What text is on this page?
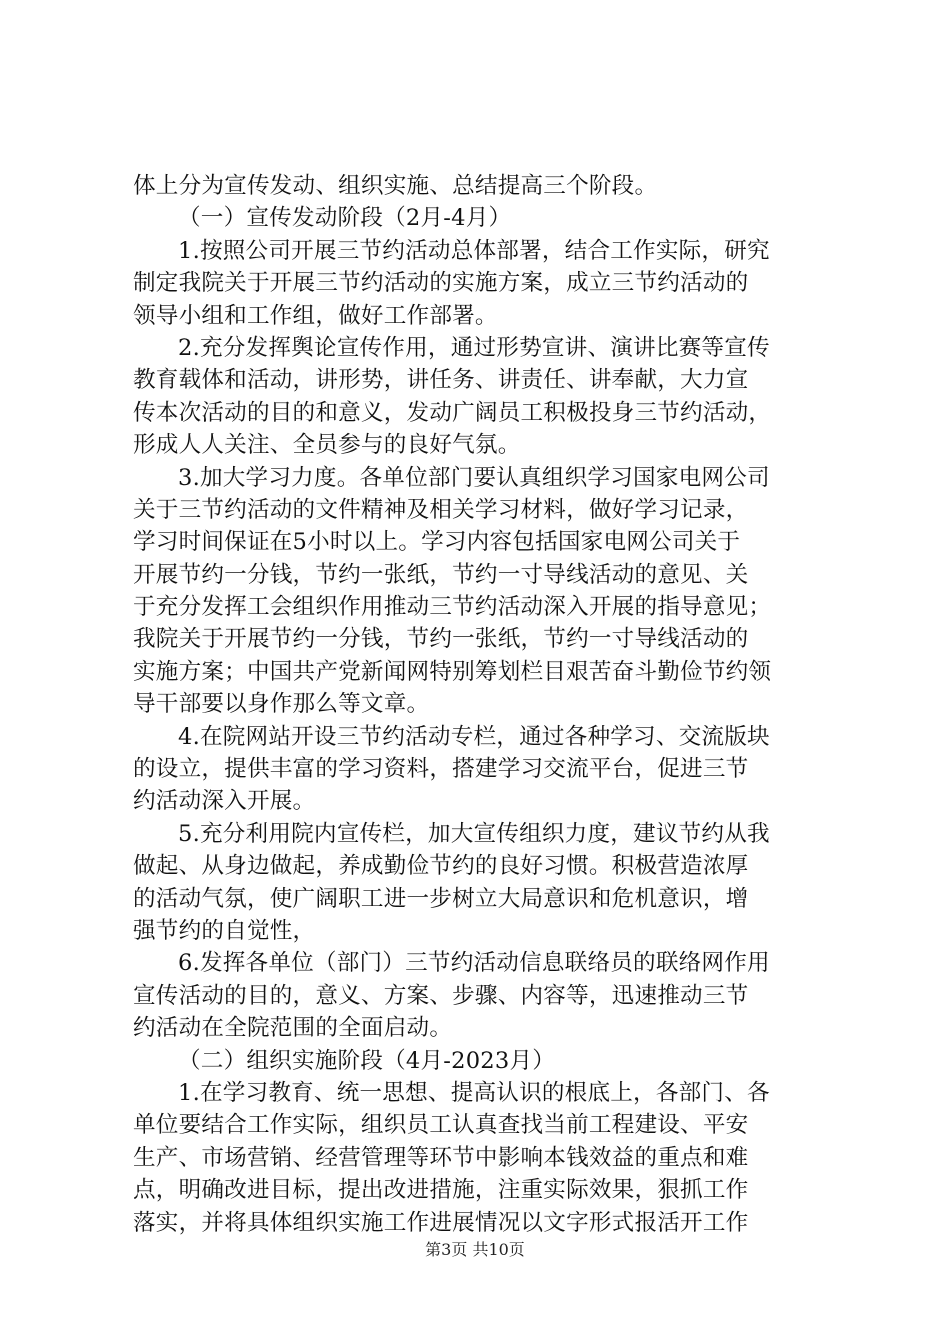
体上分为宣传发动、组织实施、总结提高三个阶段。
（一）宣传发动阶段（2月-4月）
1.按照公司开展三节约活动总体部署，结合工作实际，研究
制定我院关于开展三节约活动的实施方案，成立三节约活动的
领导小组和工作组，做好工作部署。
2.充分发挥舆论宣传作用，通过形势宣讲、演讲比赛等宣传
教育载体和活动，讲形势，讲任务、讲责任、讲奉献，大力宣
传本次活动的目的和意义，发动广阔员工积极投身三节约活动，
形成人人关注、全员参与的良好气氛。
3.加大学习力度。各单位部门要认真组织学习国家电网公司
关于三节约活动的文件精神及相关学习材料，做好学习记录，
学习时间保证在5小时以上。学习内容包括国家电网公司关于
开展节约一分钱，节约一张纸，节约一寸导线活动的意见、关
于充分发挥工会组织作用推动三节约活动深入开展的指导意见；
我院关于开展节约一分钱，节约一张纸，节约一寸导线活动的
实施方案；中国共产党新闻网特别筹划栏目艰苦奋斗勤俭节约领
导干部要以身作那么等文章。
4.在院网站开设三节约活动专栏，通过各种学习、交流版块
的设立，提供丰富的学习资料，搭建学习交流平台，促进三节
约活动深入开展。
5.充分利用院内宣传栏，加大宣传组织力度，建议节约从我
做起、从身边做起，养成勤俭节约的良好习惯。积极营造浓厚
的活动气氛，使广阔职工进一步树立大局意识和危机意识，增
强节约的自觉性，
6.发挥各单位（部门）三节约活动信息联络员的联络网作用
宣传活动的目的，意义、方案、步骤、内容等，迅速推动三节
约活动在全院范围的全面启动。
（二）组织实施阶段（4月-2023月）
1.在学习教育、统一思想、提高认识的根底上，各部门、各
单位要结合工作实际，组织员工认真查找当前工程建设、平安
生产、市场营销、经营管理等环节中影响本钱效益的重点和难
点，明确改进目标，提出改进措施，注重实际效果，狠抓工作
落实，并将具体组织实施工作进展情况以文字形式报活开工作
第3页 共10页
